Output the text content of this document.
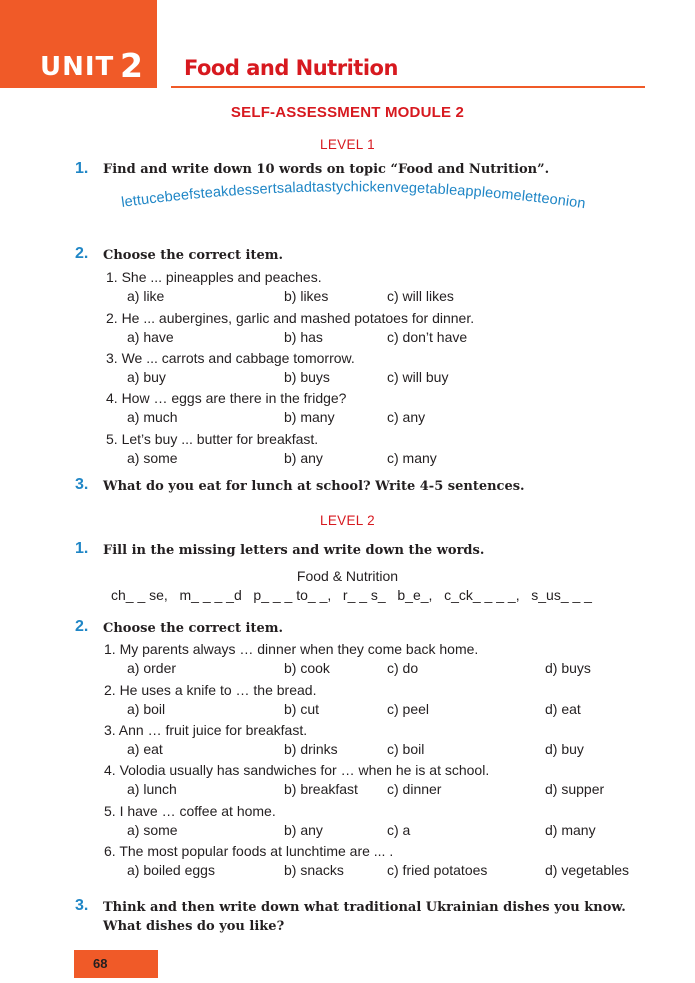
UNIT 2 Food and Nutrition
SELF-ASSESSMENT MODULE 2
LEVEL 1
1. Find and write down 10 words on topic “Food and Nutrition”.
lettucebeefsteakdessertsaladtastychickenvegetableappleomeletteonion
2. Choose the correct item.
1. She ... pineapples and peaches.
a) like	b) likes	c) will likes
2. He ... aubergines, garlic and mashed potatoes for dinner.
a) have	b) has	c) don’t have
3. We ... carrots and cabbage tomorrow.
a) buy	b) buys	c) will buy
4. How … eggs are there in the fridge?
a) much	b) many	c) any
5. Let’s buy ... butter for breakfast.
a) some	b) any	c) many
3. What do you eat for lunch at school? Write 4-5 sentences.
LEVEL 2
1. Fill in the missing letters and write down the words.
Food & Nutrition
ch_ _ se,   m_ _ _ _d   p_ _ _ to_ _,   r_ _ s_   b_e_,   c_ck_ _ _ _,   s_us_ _ _
2. Choose the correct item.
1. My parents always … dinner when they come back home.
a) order	b) cook	c) do	d) buys
2. He uses a knife to … the bread.
a) boil	b) cut	c) peel	d) eat
3. Ann … fruit juice for breakfast.
a) eat	b) drinks	c) boil	d) buy
4. Volodia usually has sandwiches for … when he is at school.
a) lunch	b) breakfast c) dinner	d) supper
5. I have … coffee at home.
a) some	b) any	c) a	d) many
6. The most popular foods at lunchtime are ... .
a) boiled eggs	b) snacks	c) fried potatoes	d) vegetables
3. Think and then write down what traditional Ukrainian dishes you know.
What dishes do you like?
68
